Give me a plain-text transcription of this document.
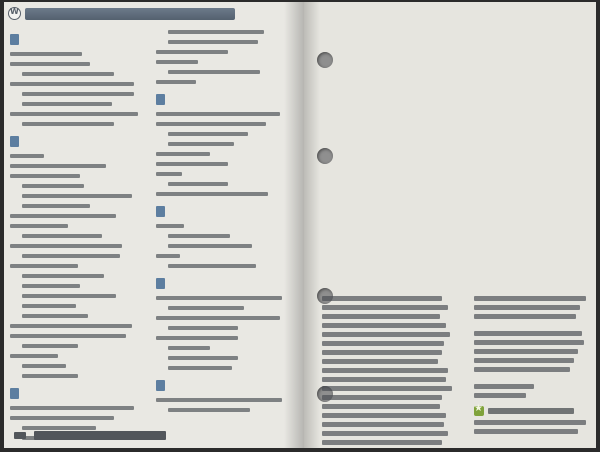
W
★
